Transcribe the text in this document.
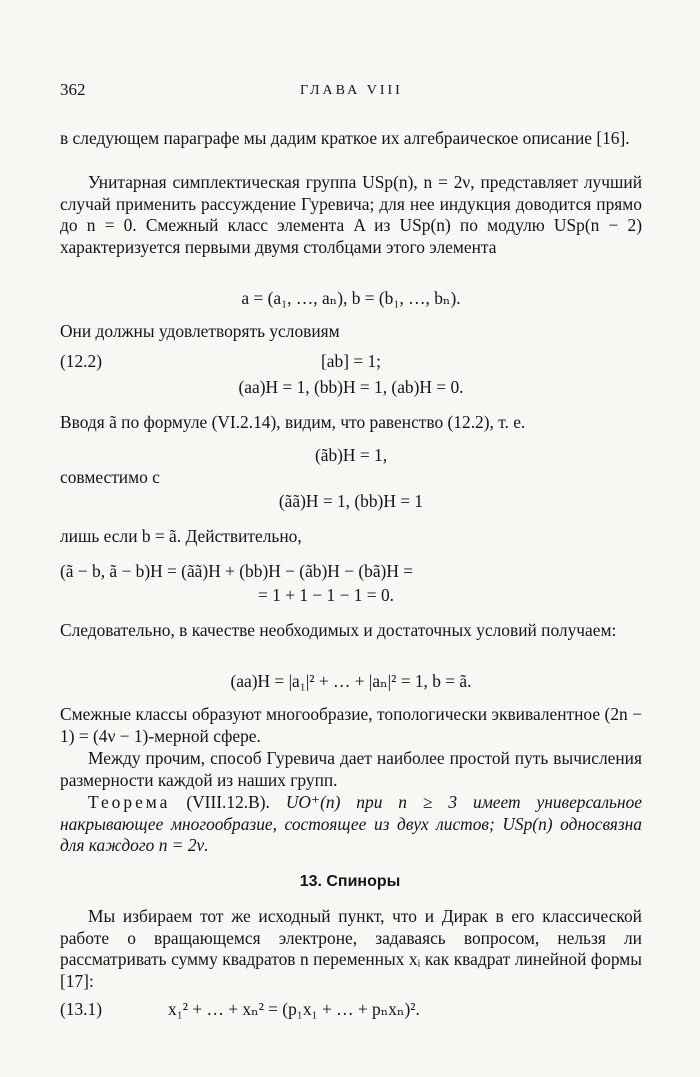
362	ГЛАВА VIII
в следующем параграфе мы дадим краткое их алгебраическое описание [16].
Унитарная симплектическая группа USp(n), n = 2ν, представляет лучший случай применить рассуждение Гуревича; для нее индукция доводится прямо до n = 0. Смежный класс элемента A из USp(n) по модулю USp(n − 2) характеризуется первыми двумя столбцами этого элемента
a = (a₁, …, aₙ), b = (b₁, …, bₙ).
Они должны удовлетворять условиям
(12.2)	[ab] = 1;
(aa)H = 1, (bb)H = 1, (ab)H = 0.
Вводя ã по формуле (VI.2.14), видим, что равенство (12.2), т. е.
(ãb)H = 1,
совместимо с
(ãã)H = 1, (bb)H = 1
лишь если b = ã. Действительно,
(ã − b, ã − b)H = (ãã)H + (bb)H − (ãb)H − (bã)H =
= 1 + 1 − 1 − 1 = 0.
Следовательно, в качестве необходимых и достаточных условий получаем:
(aa)H = |a₁|² + … + |aₙ|² = 1, b = ã.
Смежные классы образуют многообразие, топологически эквивалентное (2n − 1) = (4ν − 1)-мерной сфере.
Между прочим, способ Гуревича дает наиболее простой путь вычисления размерности каждой из наших групп.
Теорема (VIII.12.B). UO⁺(n) при n ≥ 3 имеет универсальное накрывающее многообразие, состоящее из двух листов; USp(n) односвязна для каждого n = 2ν.
13. Спиноры
Мы избираем тот же исходный пункт, что и Дирак в его классической работе о вращающемся электроне, задаваясь вопросом, нельзя ли рассматривать сумму квадратов n переменных xᵢ как квадрат линейной формы [17]:
(13.1)	x₁² + … + xₙ² = (p₁x₁ + … + pₙxₙ)².
